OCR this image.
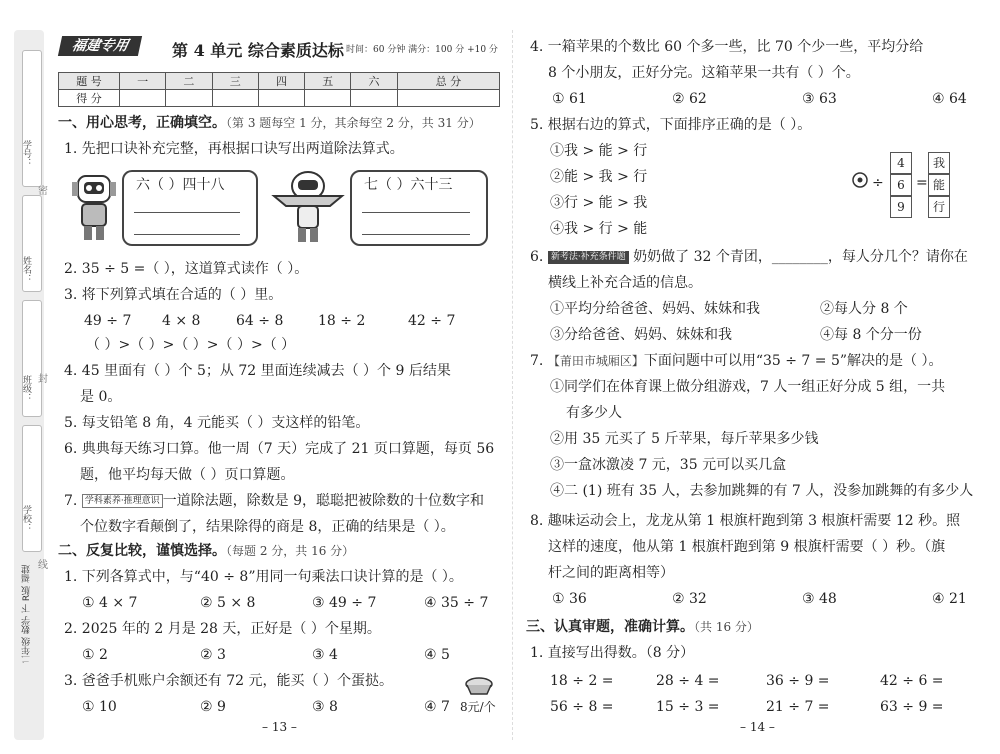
学号：
姓名：
班级：
学校：
密
封
线
二年级 数学 下 R版 福建
福建专用	第 4 单元 综合素质达标 时间：60 分钟 满分：100 分 +10 分
题 号	一	二	三	四	五	六	总 分
得 分							
一、用心思考，正确填空。（第 3 题每空 1 分，其余每空 2 分，共 31 分）
1. 先把口诀补充完整，再根据口诀写出两道除法算式。
六（ ）四十八	七（ ）六十三
2. 35 ÷ 5 =（ ），这道算式读作（ ）。
3. 将下列算式填在合适的（ ）里。
49 ÷ 7 4 × 8	64 ÷ 8 18 ÷ 2	42 ÷ 7
（ ）>（ ）>（ ）>（ ）>（ ）
4. 45 里面有（ ）个 5；从 72 里面连续减去（ ）个 9 后结果
是 0。
5. 每支铅笔 8 角，4 元能买（ ）支这样的铅笔。
6. 典典每天练习口算。他一周（7 天）完成了 21 页口算题，每页 56
题，他平均每天做（ ）页口算题。
7. 学科素养·推理意识 一道除法题，除数是 9，聪聪把被除数的十位数字和
个位数字看颠倒了，结果除得的商是 8，正确的结果是（ ）。
二、反复比较，谨慎选择。（每题 2 分，共 16 分）
1. 下列各算式中，与“40 ÷ 8”用同一句乘法口诀计算的是（ ）。
① 4 × 7	② 5 × 8	③ 49 ÷ 7	④ 35 ÷ 7
2. 2025 年的 2 月是 28 天，正好是（ ）个星期。
① 2	② 3	③ 4	④ 5
3. 爸爸手机账户余额还有 72 元，能买（ ）个蛋挞。
① 10	② 9	③ 8	④ 7 8元/个
– 13 –
4. 一箱苹果的个数比 60 个多一些，比 70 个少一些，平均分给
8 个小朋友，正好分完。这箱苹果一共有（ ）个。
① 61	② 62	③ 63	④ 64
5. 根据右边的算式，下面排序正确的是（ ）。
①我 > 能 > 行
②能 > 我 > 行
③行 > 能 > 我
④我 > 行 > 能
÷
4
6
9
=
我
能
行
6. 新考法·补充条件题 奶奶做了 32 个青团，________，每人分几个？请你在
横线上补充合适的信息。
①平均分给爸爸、妈妈、妹妹和我	②每人分 8 个
③分给爸爸、妈妈、妹妹和我	④每 8 个分一份
7. 【莆田市城厢区】下面问题中可以用“35 ÷ 7 = 5”解决的是（ ）。
①同学们在体育课上做分组游戏，7 人一组正好分成 5 组，一共
有多少人
②用 35 元买了 5 斤苹果，每斤苹果多少钱
③一盒冰激凌 7 元，35 元可以买几盒
④二 (1) 班有 35 人，去参加跳舞的有 7 人，没参加跳舞的有多少人
8. 趣味运动会上，龙龙从第 1 根旗杆跑到第 3 根旗杆需要 12 秒。照
这样的速度，他从第 1 根旗杆跑到第 9 根旗杆需要（ ）秒。（旗
杆之间的距离相等）
① 36	② 32	③ 48	④ 21
三、认真审题，准确计算。（共 16 分）
1. 直接写出得数。（8 分）
18 ÷ 2 =	28 ÷ 4 =	36 ÷ 9 =	42 ÷ 6 =
56 ÷ 8 =	15 ÷ 3 =	21 ÷ 7 =	63 ÷ 9 =
– 14 –
